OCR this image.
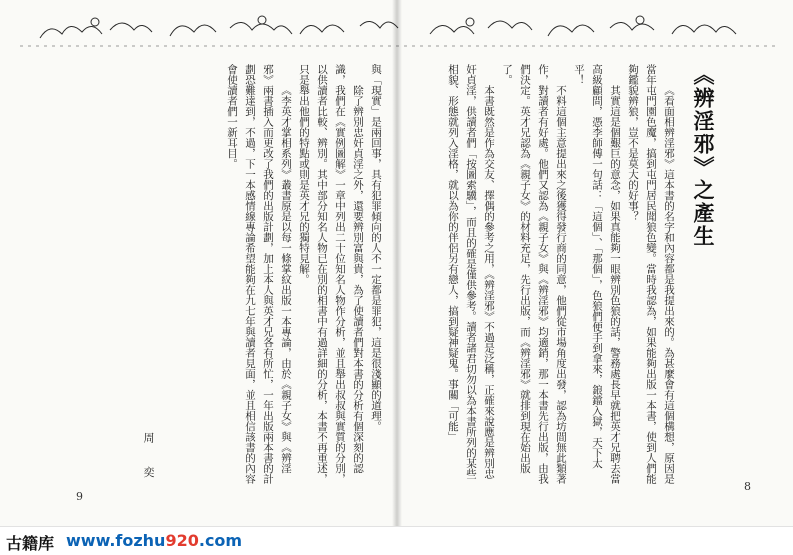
《辨淫邪》之產生

《看面相辨淫邪》這本書的名字和內容都是我提出來的。為甚麼會有這個構想，原因是當年屯門園色魔，搞到屯門居民聞狼色變。當時我認為，如果能夠出版一本書，使到人們能夠鑑貌辨狼，豈不是莫大的好事？

其實這是個艱巨的意念，如果真能夠一眼辨別色狼的話，警務處長早就把英才兄聘去當高級顧問，憑李師傅一句話：「這個」、「那個」，色狼們便手到拿來，鋃鐺入獄，天下太平！

不料這個主意提出來之後獲得發行商的同意，他們從市場角度出發，認為坊間無此類著作，對讀者有好處。他們又認為《親子女》與《辨淫邪》均適銷，那一本書先行出版，由我們決定。英才兄認為《親子女》的材料充足，先行出版，而《辨淫邪》就排到現在始出版了。

本書既然是作為交友、擇偶的參考之用，《辨淫邪》不過是泛稱，正確來說應是辨別忠奸貞淫，供讀者們「按圖索驥」，而且的確是僅供參考。讀者諸君切勿以為本書所列的某些相貌、形態就列入淫格，就以為你的伴侶另有戀人，搞到疑神疑鬼。事關「可能」

與「現實」是兩回事，具有犯罪傾向的人不一定都是罪犯，這是很淺顯的道理。

除了辨別忠奸貞淫之外，還要辨別富與貴，為了使讀者們對本書的分析有個深刻的認識，我們在《實例圖解》一章中列出二十位知名人物作分析，並且舉出叔叔與實質的分別，以供讀者比較、辨別。其中部分知名人物已在別的相書中有過詳細的分析，本書不再重述，只是舉出他們的特點或則是英才兄的獨特見解。

《李英才掌相系列》叢書原是以每一條掌紋出版一本專論，由於《親子女》與《辨淫邪》兩書插入而更改了我們的出版計劃，加上本人與英才兄各有所忙，一年出版兩本書的計劃恐難達到，不過，下一本感情線專論希望能夠在九七年與讀者見面，並且相信該書的內容會使讀者們一新耳目。

周 奕
9
8
古籍库 www.fozhu920.com
